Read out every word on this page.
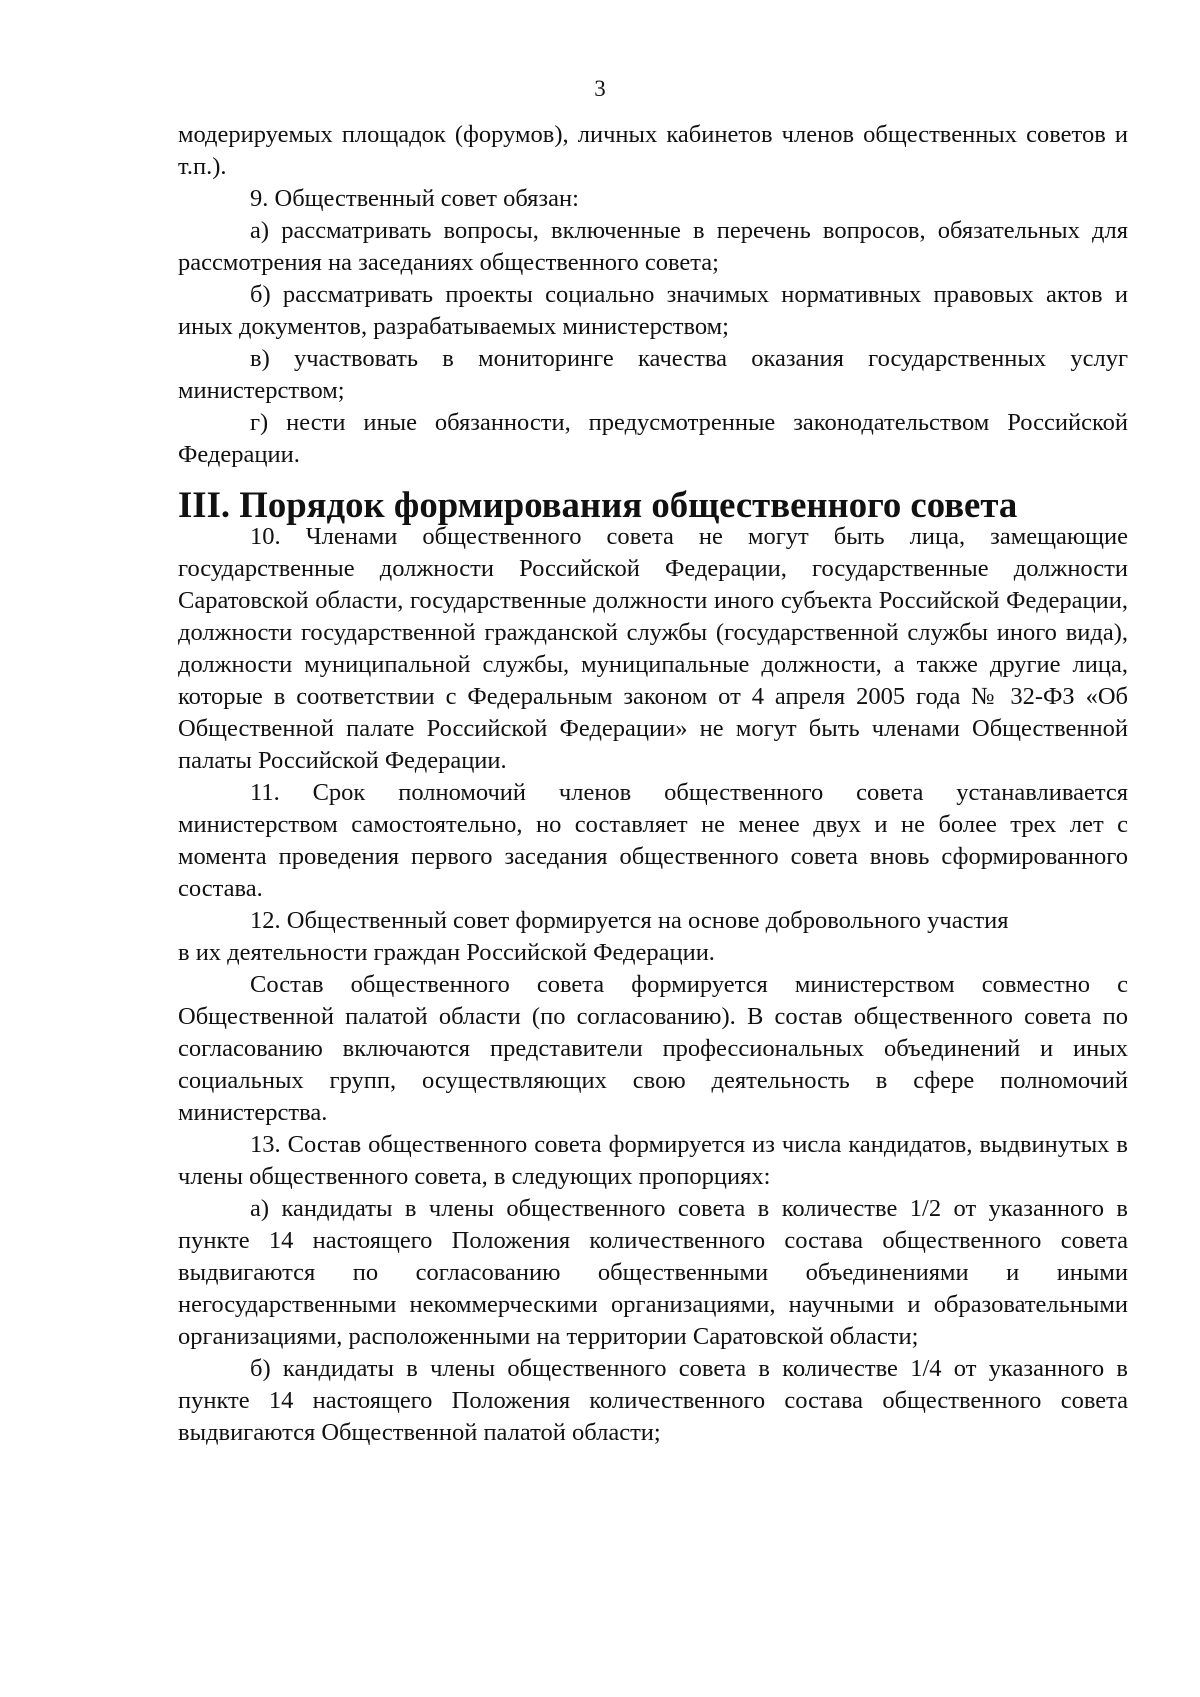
3

модерируемых площадок (форумов), личных кабинетов членов общественных советов и т.п.).

9. Общественный совет обязан:

а) рассматривать вопросы, включенные в перечень вопросов, обязательных для рассмотрения на заседаниях общественного совета;

б) рассматривать проекты социально значимых нормативных правовых актов и иных документов, разрабатываемых министерством;

в) участвовать в мониторинге качества оказания государственных услуг министерством;

г) нести иные обязанности, предусмотренные законодательством Российской Федерации.

III. Порядок формирования общественного совета

10. Членами общественного совета не могут быть лица, замещающие государственные должности Российской Федерации, государственные должности Саратовской области, государственные должности иного субъекта Российской Федерации, должности государственной гражданской службы (государственной службы иного вида), должности муниципальной службы, муниципальные должности, а также другие лица, которые в соответствии с Федеральным законом от 4 апреля 2005 года № 32-ФЗ «Об Общественной палате Российской Федерации» не могут быть членами Общественной палаты Российской Федерации.

11. Срок полномочий членов общественного совета устанавливается министерством самостоятельно, но составляет не менее двух и не более трех лет с момента проведения первого заседания общественного совета вновь сформированного состава.

12. Общественный совет формируется на основе добровольного участия

в их деятельности граждан Российской Федерации.

Состав общественного совета формируется министерством совместно с Общественной палатой области (по согласованию). В состав общественного совета по согласованию включаются представители профессиональных объединений и иных социальных групп, осуществляющих свою деятельность в сфере полномочий министерства.

13. Состав общественного совета формируется из числа кандидатов, выдвинутых в члены общественного совета, в следующих пропорциях:

а) кандидаты в члены общественного совета в количестве 1/2 от указанного в пункте 14 настоящего Положения количественного состава общественного совета выдвигаются по согласованию общественными объединениями и иными негосударственными некоммерческими организациями, научными и образовательными организациями, расположенными на территории Саратовской области;

б) кандидаты в члены общественного совета в количестве 1/4 от указанного в пункте 14 настоящего Положения количественного состава общественного совета выдвигаются Общественной палатой области;
